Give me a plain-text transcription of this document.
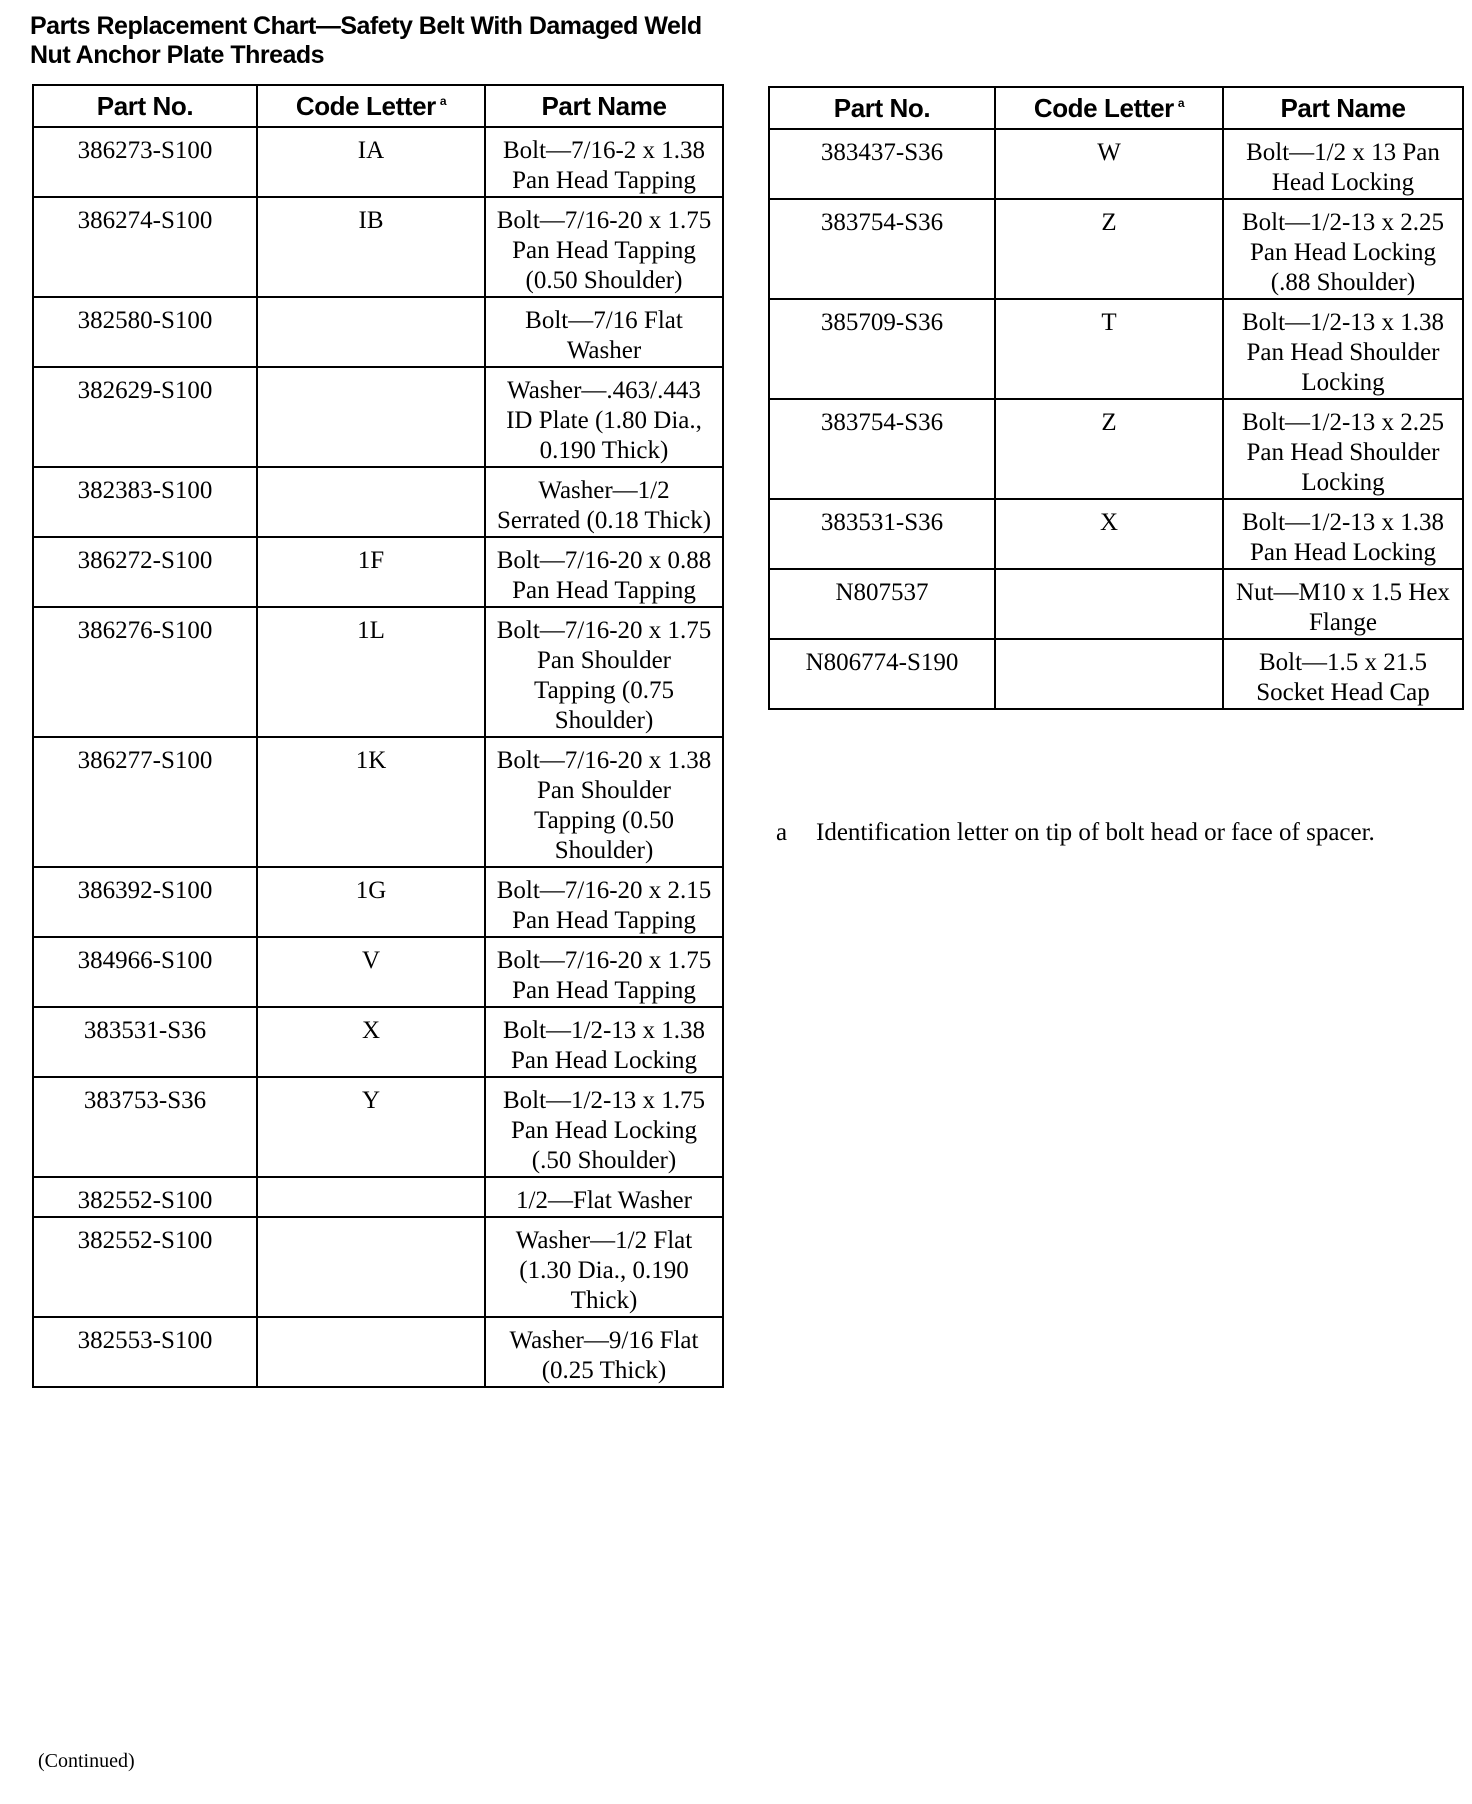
Parts Replacement Chart—Safety Belt With Damaged Weld Nut Anchor Plate Threads
Part No.	Code Letter $^a$	Part Name
386273-S100	IA	Bolt—7/16-2 x 1.38 Pan Head Tapping
386274-S100	IB	Bolt—7/16-20 x 1.75 Pan Head Tapping (0.50 Shoulder)
382580-S100		Bolt—7/16 Flat Washer
382629-S100		Washer—.463/.443 ID Plate (1.80 Dia., 0.190 Thick)
382383-S100		Washer—1/2 Serrated (0.18 Thick)
386272-S100	1F	Bolt—7/16-20 x 0.88 Pan Head Tapping
386276-S100	1L	Bolt—7/16-20 x 1.75 Pan Shoulder Tapping (0.75 Shoulder)
386277-S100	1K	Bolt—7/16-20 x 1.38 Pan Shoulder Tapping (0.50 Shoulder)
386392-S100	1G	Bolt—7/16-20 x 2.15 Pan Head Tapping
384966-S100	V	Bolt—7/16-20 x 1.75 Pan Head Tapping
383531-S36	X	Bolt—1/2-13 x 1.38 Pan Head Locking
383753-S36	Y	Bolt—1/2-13 x 1.75 Pan Head Locking (.50 Shoulder)
382552-S100		1/2—Flat Washer
382552-S100		Washer—1/2 Flat (1.30 Dia., 0.190 Thick)
382553-S100		Washer—9/16 Flat (0.25 Thick)
Part No.	Code Letter $^a$	Part Name
383437-S36	W	Bolt—1/2 x 13 Pan Head Locking
383754-S36	Z	Bolt—1/2-13 x 2.25 Pan Head Locking (.88 Shoulder)
385709-S36	T	Bolt—1/2-13 x 1.38 Pan Head Shoulder Locking
383754-S36	Z	Bolt—1/2-13 x 2.25 Pan Head Shoulder Locking
383531-S36	X	Bolt—1/2-13 x 1.38 Pan Head Locking
N807537		Nut—M10 x 1.5 Hex Flange
N806774-S190		Bolt—1.5 x 21.5 Socket Head Cap
a	Identification letter on tip of bolt head or face of spacer.
(Continued)
